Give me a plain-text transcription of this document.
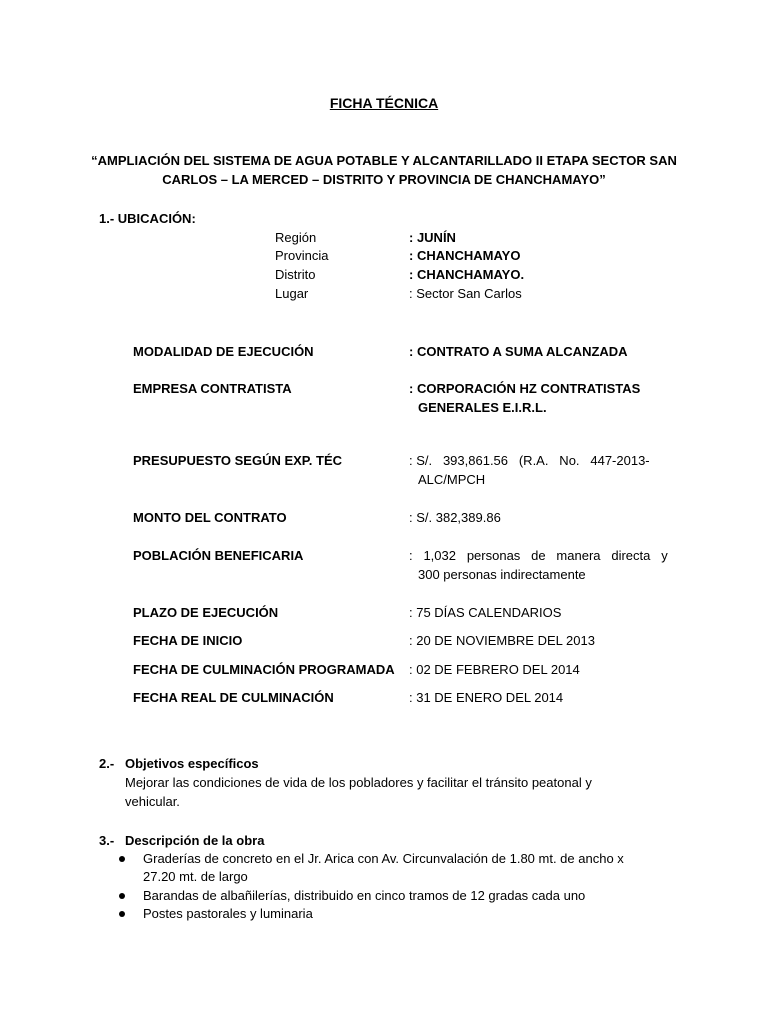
FICHA TÉCNICA
“AMPLIACIÓN DEL SISTEMA DE AGUA POTABLE Y ALCANTARILLADO II ETAPA SECTOR SAN
CARLOS – LA MERCED – DISTRITO Y PROVINCIA DE CHANCHAMAYO”
1.- UBICACIÓN:
Región	: JUNÍN
Provincia	: CHANCHAMAYO
Distrito	: CHANCHAMAYO.
Lugar	: Sector San Carlos
MODALIDAD DE EJECUCIÓN	: CONTRATO A SUMA ALCANZADA
EMPRESA CONTRATISTA	: CORPORACIÓN HZ CONTRATISTAS
GENERALES E.I.R.L.
PRESUPUESTO SEGÚN EXP. TÉC	: S/.   393,861.56   (R.A.   No.   447-2013-
ALC/MPCH
MONTO DEL CONTRATO	: S/. 382,389.86
POBLACIÓN BENEFICARIA	:   1,032   personas   de   manera   directa   y
300 personas indirectamente
PLAZO DE EJECUCIÓN	: 75 DÍAS CALENDARIOS
FECHA DE INICIO	: 20 DE NOVIEMBRE DEL 2013
FECHA DE CULMINACIÓN PROGRAMADA : 02 DE FEBRERO DEL 2014
FECHA REAL DE CULMINACIÓN	: 31 DE ENERO DEL 2014
2.- Objetivos específicos
Mejorar las condiciones de vida de los pobladores y facilitar el tránsito peatonal y
vehicular.
3.- Descripción de la obra
Graderías de concreto en el Jr. Arica con Av. Circunvalación de 1.80 mt. de ancho x
27.20 mt. de largo
Barandas de albañilerías, distribuido en cinco tramos de 12 gradas cada uno
Postes pastorales y luminaria
